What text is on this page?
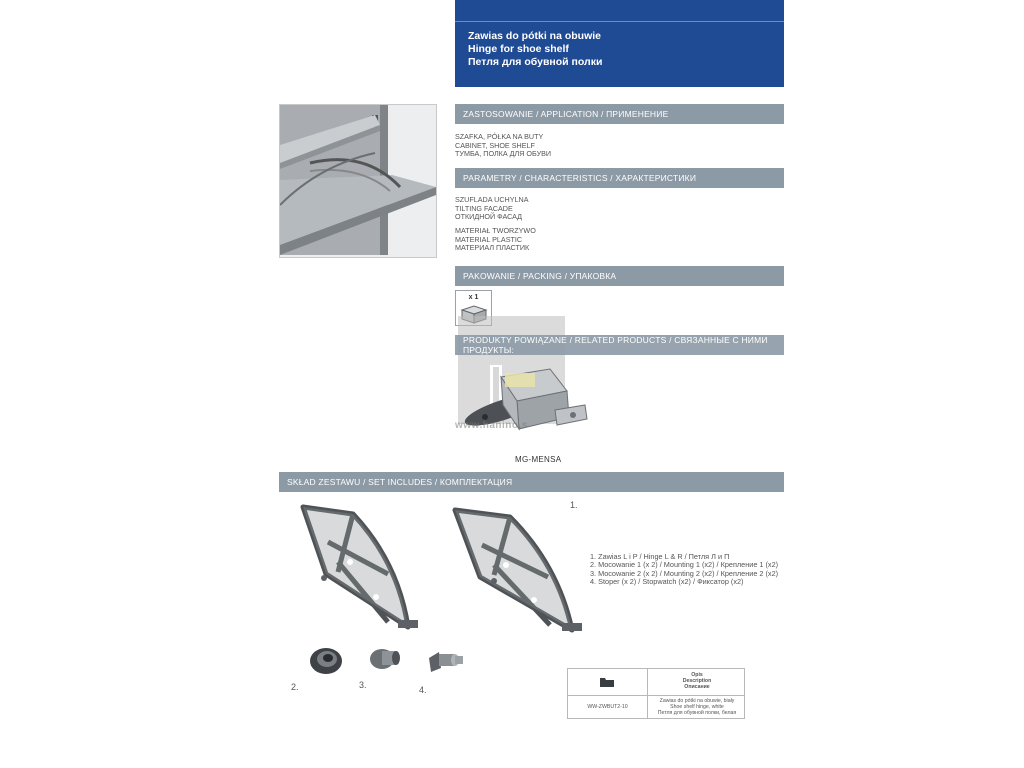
Zawias do pótki na obuwie
Hinge for shoe shelf
Петля для обувной полки
ZASTOSOWANIE / APPLICATION / ПРИМЕНЕНИЕ
SZAFKA, PÓŁKA NA BUTY
CABINET, SHOE SHELF
ТУМБА, ПОЛКА ДЛЯ ОБУВИ
PARAMETRY / CHARACTERISTICS / ХАРАКТЕРИСТИКИ
SZUFLADA UCHYLNA
TILTING FACADE
ОТКИДНОЙ ФАСАД
MATERIAŁ TWORZYWO
MATERIAL PLASTIC
МАТЕРИАЛ ПЛАСТИК
PAKOWANIE / PACKING / УПАКОВКА
x 1
PRODUKTY POWIĄZANE / RELATED PRODUCTS / СВЯЗАННЫЕ С НИМИ ПРОДУКТЫ:
www.hanino.s
MG-MENSA
SKŁAD ZESTAWU / SET INCLUDES / КОМПЛЕКТАЦИЯ
1.
2.	3.	4.
1. Zawias L i P / Hinge L & R / Петля Л и П
2. Mocowanie 1 (x 2) / Mounting 1 (x2) / Крепление 1 (x2)
3. Mocowanie 2 (x 2) / Mounting 2 (x2) / Крепление 2 (x2)
4. Stoper (x 2) / Stopwatch (x2) / Фиксатор (x2)
Opis
Description
Описание
WW-ZWBUT2-10
Zawias do pótki na obuwie, biały
Shoe shelf hinge, white
Петля для обувной полки, белая
